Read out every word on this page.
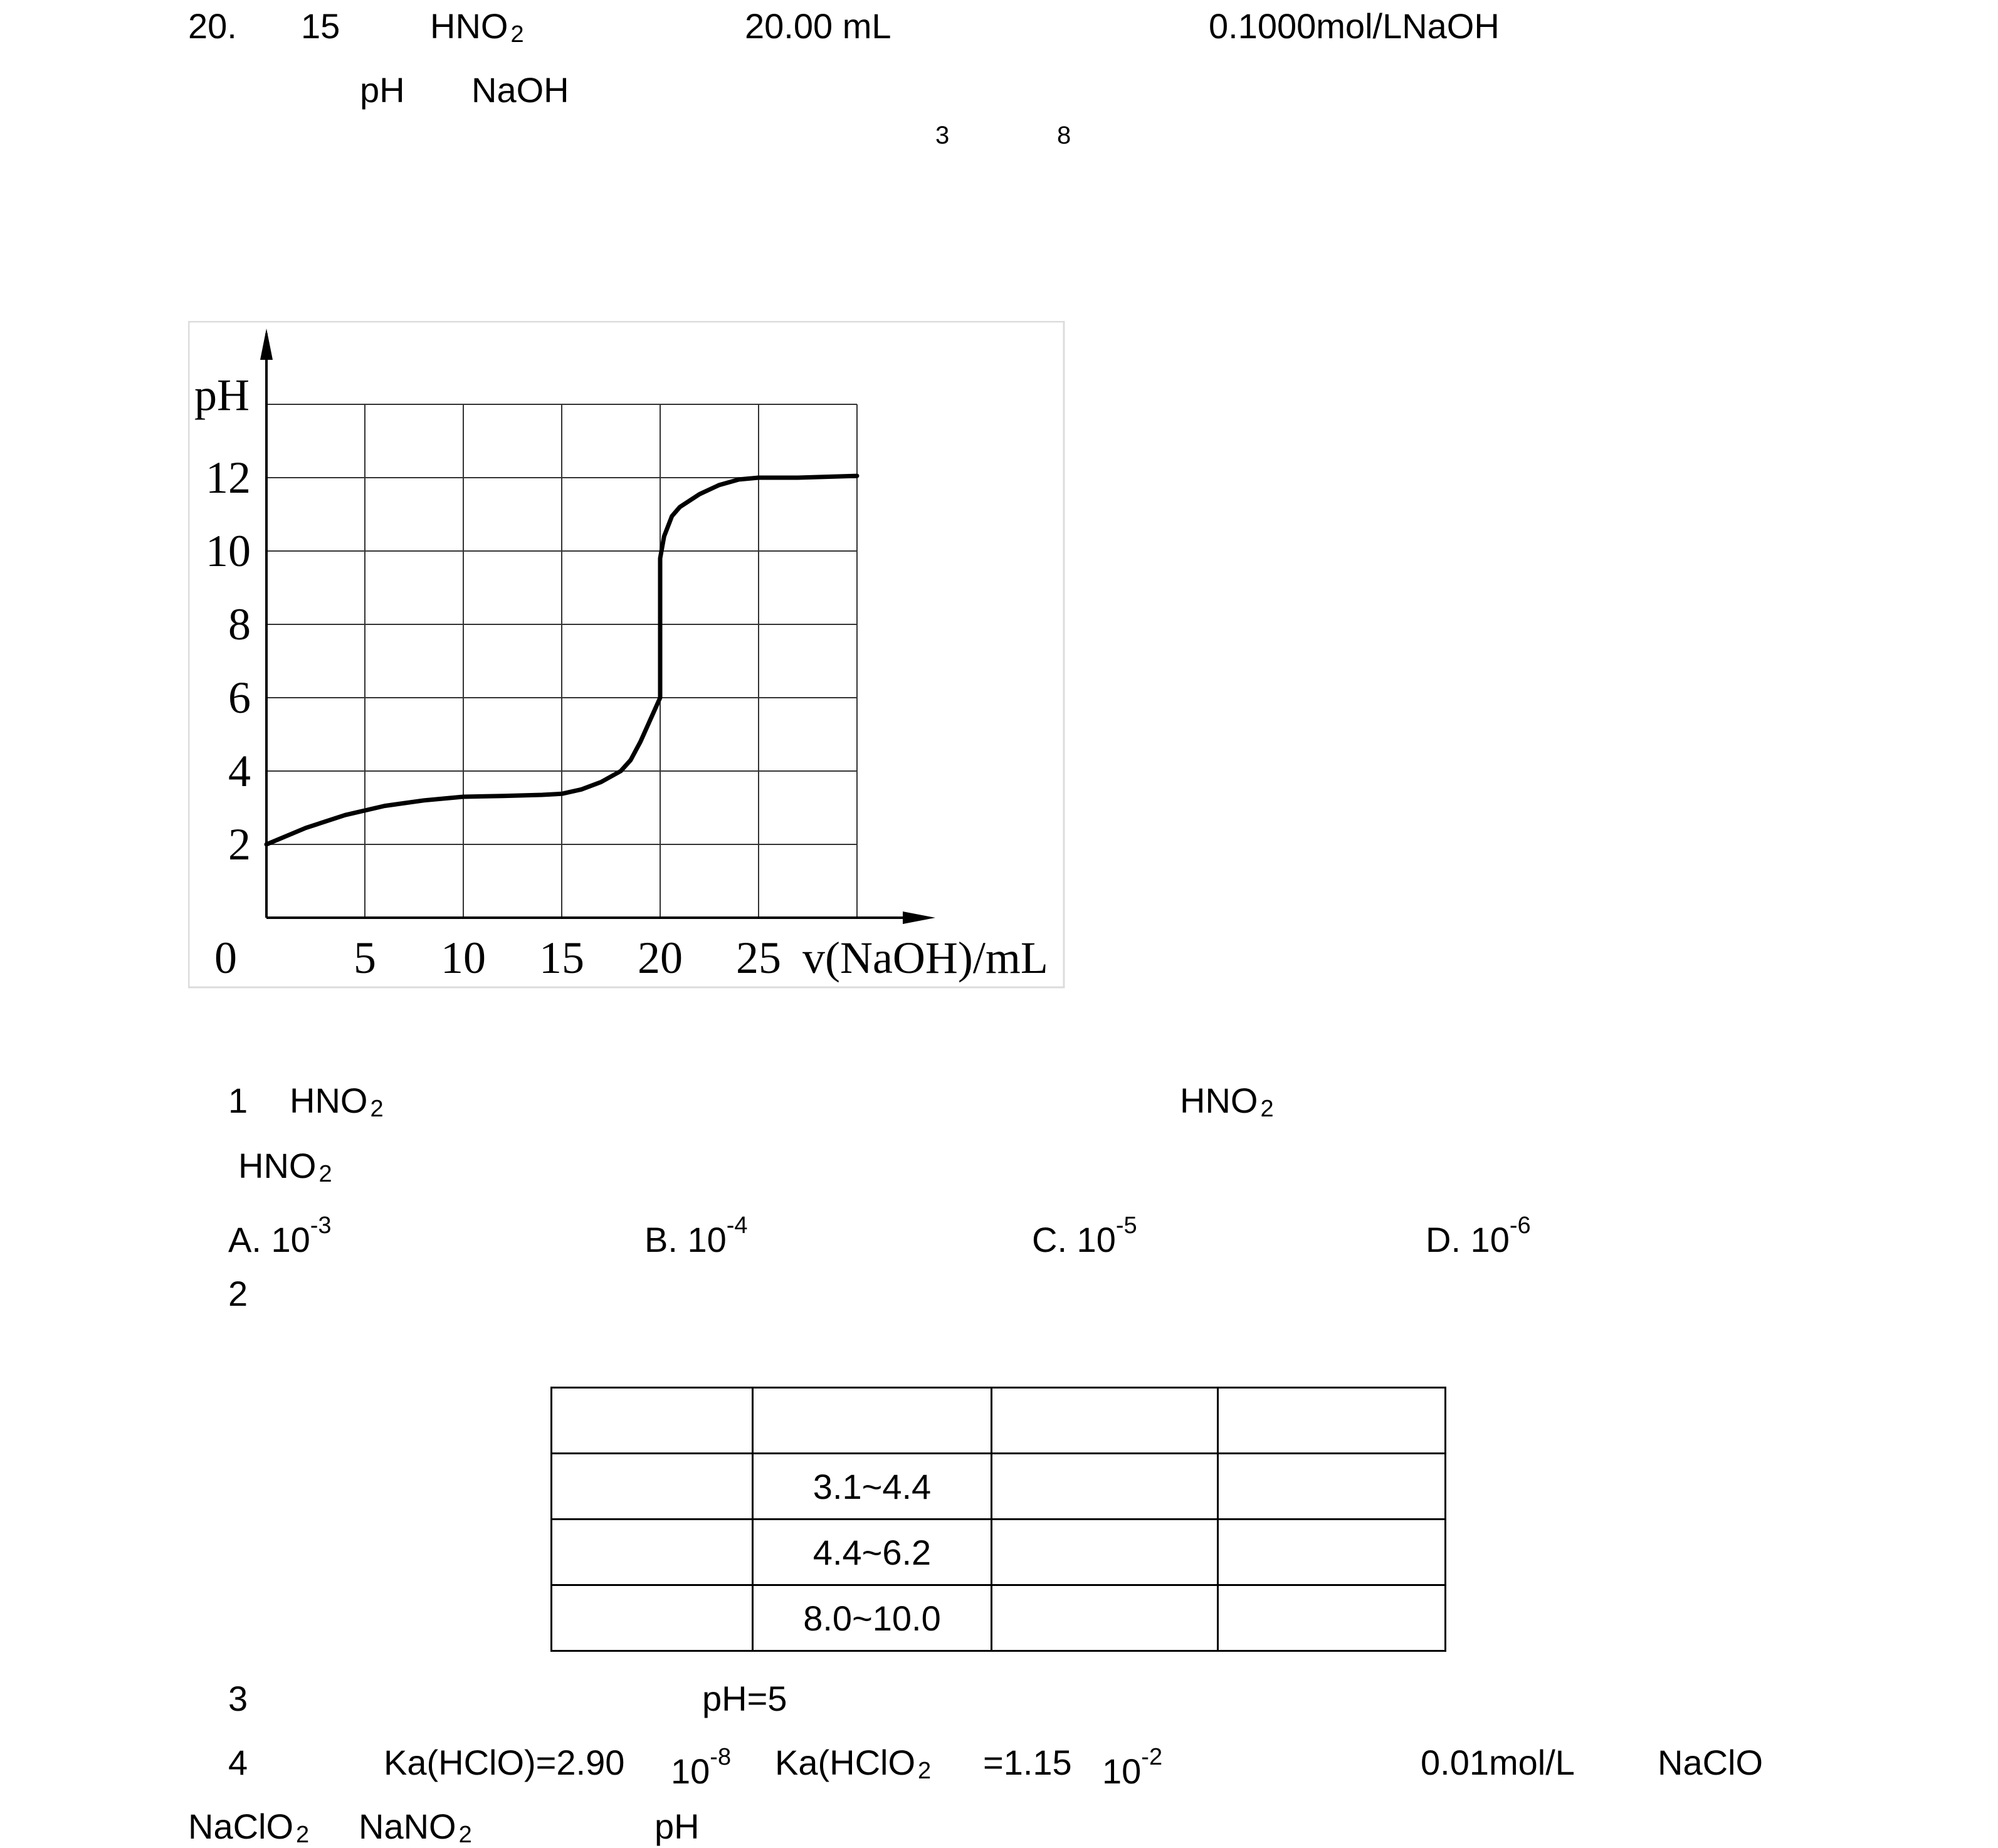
20. 15	HNO 2	20.00 mL	0.1000mol/LNaOH
pH NaOH
3	8
5 10 15 20 25
2
4
6
8
10
12
pH
v(NaOH)/mL
0
1 HNO 2	HNO 2
HNO 2
A. $10^{-3}$	B. $10^{-4}$	C. $10^{-5}$	D. $10^{-6}$
2

	3.1~4.4		
	4.4~6.2		
	8.0~10.0		
3	pH=5
4	Ka(HClO)=2.90 $10^{-8}$ Ka(HClO 2 =1.15 $10^{-2}$	0.01mol/L NaClO
NaClO 2 NaNO 2	pH
